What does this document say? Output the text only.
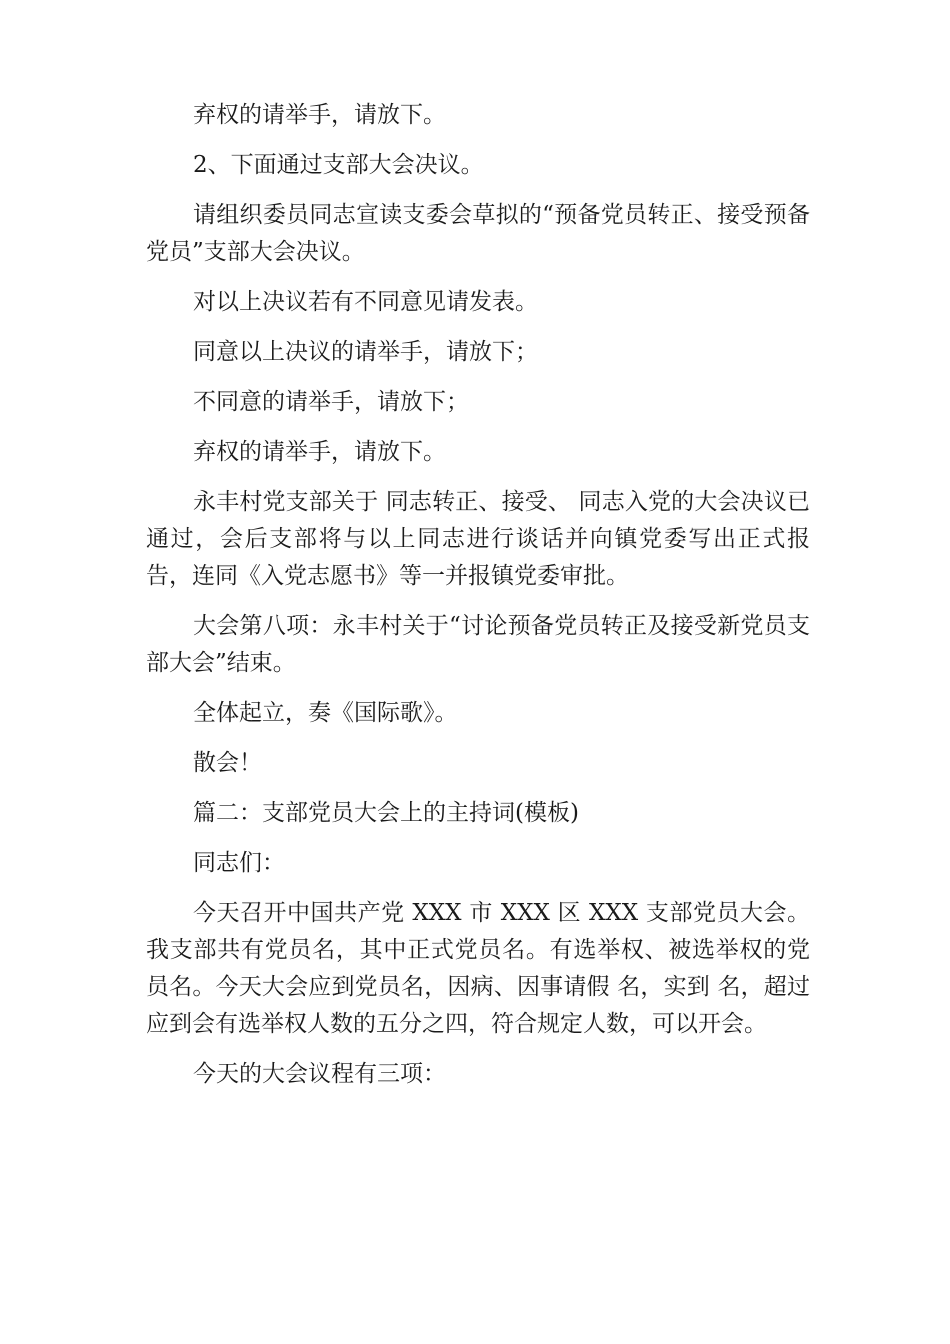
弃权的请举手，请放下。

2、下面通过支部大会决议。

请组织委员同志宣读支委会草拟的“预备党员转正、接受预备党员”支部大会决议。

对以上决议若有不同意见请发表。

同意以上决议的请举手，请放下；

不同意的请举手，请放下；

弃权的请举手，请放下。

永丰村党支部关于 同志转正、接受、 同志入党的大会决议已通过，会后支部将与以上同志进行谈话并向镇党委写出正式报告，连同《入党志愿书》等一并报镇党委审批。

大会第八项：永丰村关于“讨论预备党员转正及接受新党员支部大会”结束。

全体起立，奏《国际歌》。

散会！

篇二：支部党员大会上的主持词(模板)

同志们：

今天召开中国共产党 XXX 市 XXX 区 XXX 支部党员大会。我支部共有党员名，其中正式党员名。有选举权、被选举权的党员名。今天大会应到党员名，因病、因事请假 名，实到 名，超过应到会有选举权人数的五分之四，符合规定人数，可以开会。

今天的大会议程有三项：
